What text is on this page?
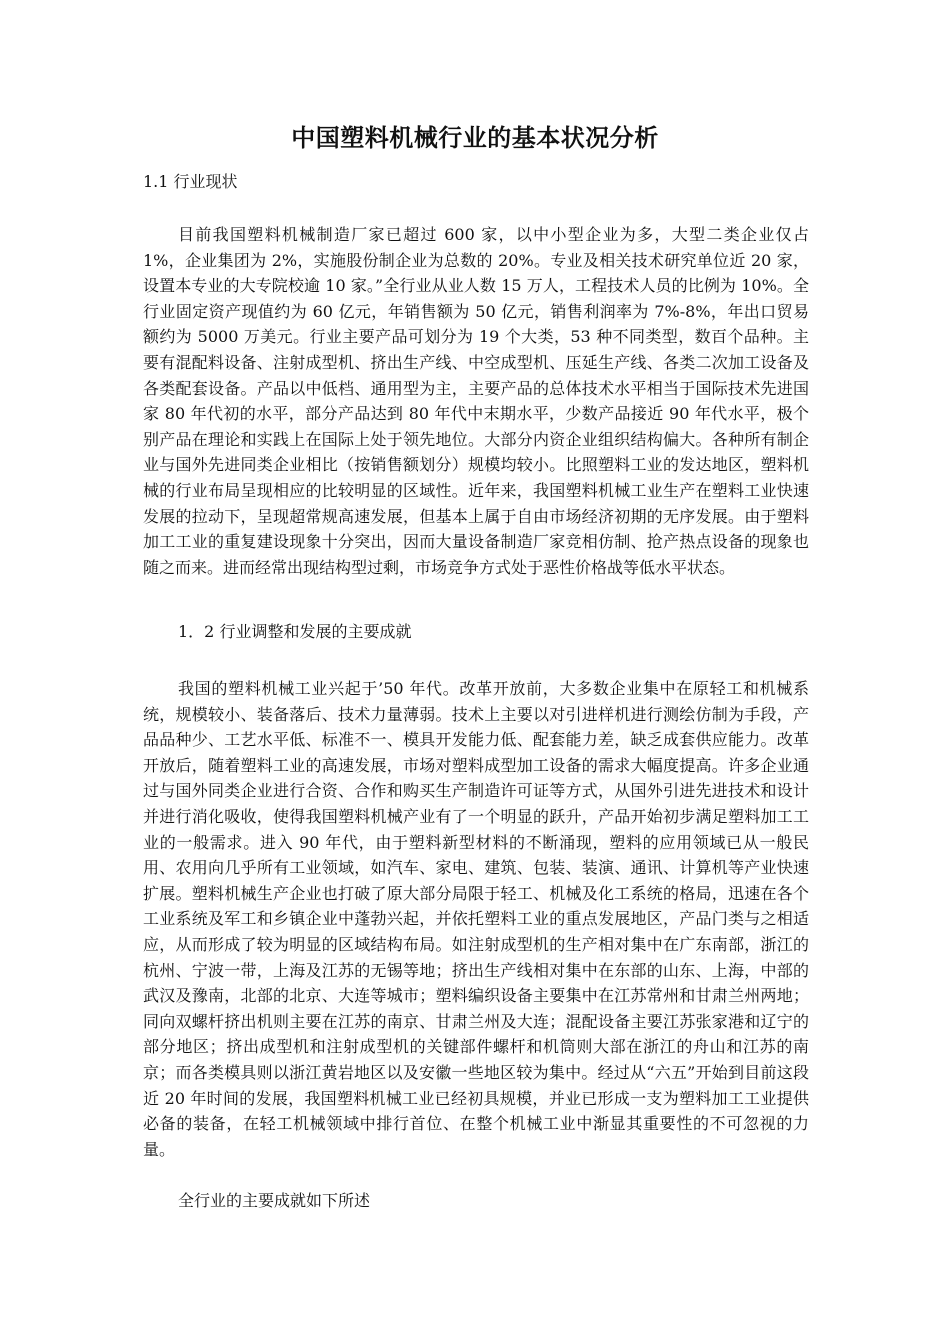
中国塑料机械行业的基本状况分析
1.1 行业现状

目前我国塑料机械制造厂家已超过 600 家，以中小型企业为多，大型二类企业仅占 1%，企业集团为 2%，实施股份制企业为总数的 20%。专业及相关技术研究单位近 20 家，设置本专业的大专院校逾 10 家。”全行业从业人数 15 万人，工程技术人员的比例为 10%。全行业固定资产现值约为 60 亿元，年销售额为 50 亿元，销售利润率为 7%-8%，年出口贸易额约为 5000 万美元。行业主要产品可划分为 19 个大类，53 种不同类型，数百个品种。主要有混配料设备、注射成型机、挤出生产线、中空成型机、压延生产线、各类二次加工设备及各类配套设备。产品以中低档、通用型为主，主要产品的总体技术水平相当于国际技术先进国家 80 年代初的水平，部分产品达到 80 年代中末期水平，少数产品接近 90 年代水平，极个别产品在理论和实践上在国际上处于领先地位。大部分内资企业组织结构偏大。各种所有制企业与国外先进同类企业相比（按销售额划分）规模均较小。比照塑料工业的发达地区，塑料机械的行业布局呈现相应的比较明显的区域性。近年来，我国塑料机械工业生产在塑料工业快速发展的拉动下，呈现超常规高速发展，但基本上属于自由市场经济初期的无序发展。由于塑料加工工业的重复建设现象十分突出，因而大量设备制造厂家竞相仿制、抢产热点设备的现象也随之而来。进而经常出现结构型过剩，市场竞争方式处于恶性价格战等低水平状态。

1．2 行业调整和发展的主要成就

我国的塑料机械工业兴起于’50 年代。改革开放前，大多数企业集中在原轻工和机械系统，规模较小、装备落后、技术力量薄弱。技术上主要以对引进样机进行测绘仿制为手段，产品品种少、工艺水平低、标准不一、模具开发能力低、配套能力差，缺乏成套供应能力。改革开放后，随着塑料工业的高速发展，市场对塑料成型加工设备的需求大幅度提高。许多企业通过与国外同类企业进行合资、合作和购买生产制造许可证等方式，从国外引进先进技术和设计并进行消化吸收，使得我国塑料机械产业有了一个明显的跃升，产品开始初步满足塑料加工工业的一般需求。进入 90 年代，由于塑料新型材料的不断涌现，塑料的应用领域已从一般民用、农用向几乎所有工业领域，如汽车、家电、建筑、包装、装演、通讯、计算机等产业快速扩展。塑料机械生产企业也打破了原大部分局限于轻工、机械及化工系统的格局，迅速在各个工业系统及军工和乡镇企业中蓬勃兴起，并依托塑料工业的重点发展地区，产品门类与之相适应，从而形成了较为明显的区域结构布局。如注射成型机的生产相对集中在广东南部，浙江的杭州、宁波一带，上海及江苏的无锡等地；挤出生产线相对集中在东部的山东、上海，中部的武汉及豫南，北部的北京、大连等城市；塑料编织设备主要集中在江苏常州和甘肃兰州两地；同向双螺杆挤出机则主要在江苏的南京、甘肃兰州及大连；混配设备主要江苏张家港和辽宁的部分地区；挤出成型机和注射成型机的关键部件螺杆和机筒则大部在浙江的舟山和江苏的南京；而各类模具则以浙江黄岩地区以及安徽一些地区较为集中。经过从“六五”开始到目前这段近 20 年时间的发展，我国塑料机械工业已经初具规模，并业已形成一支为塑料加工工业提供必备的装备，在轻工机械领域中排行首位、在整个机械工业中渐显其重要性的不可忽视的力量。

全行业的主要成就如下所述
